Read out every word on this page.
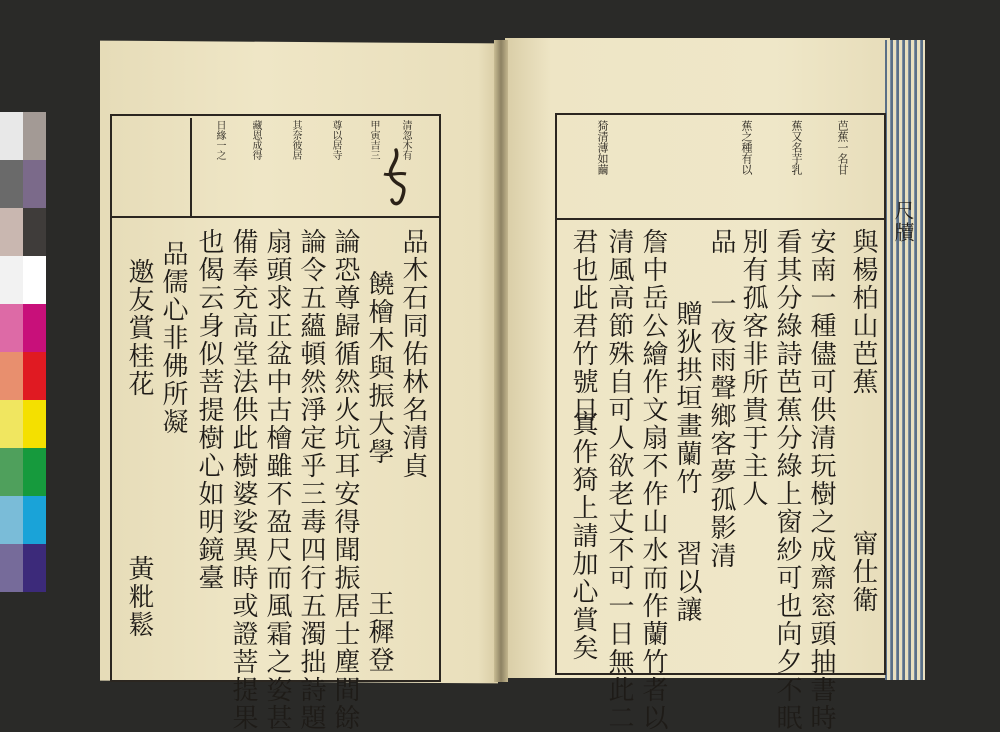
芭蕉一名甘
蕉又名芋乳
蕉之種有以
猗清薄如繭
與楊柏山芭蕉
安南一種儘可供清玩樹之成齋窓頭抽書時
看其分綠詩芭蕉分綠上窗紗可也向夕不眠
別有孤客非所貴于主人
品
一夜雨聲鄉客夢孤影清
贈狄拱垣畫蘭竹
詹中岳公繪作文扇不作山水而作蘭竹者以
清風高節殊自可人欲老丈不可一日無此二
君也此君竹號日
寘作猗上請加心賞矣	甯仕衛
習以讓
尺牘
清忽木有
甲寅吉三
尊以居寺
其奈彼居
藏恩成得
日緣一之
品木石同佑林名清貞
饒檜木與振大學
論恐尊歸循然火坑耳安得聞振居士塵間餘
論令五蘊頓然淨定乎三毒四行五濁拙詩題
扇頭求正盆中古檜雖不盈尺而風霜之姿甚
備奉充高堂法供此樹婆娑異時或證菩提果
也偈云身似菩提樹心如明鏡臺
品儒心非佛所凝
邀友賞桂花
王穉登
黃粃鬆
